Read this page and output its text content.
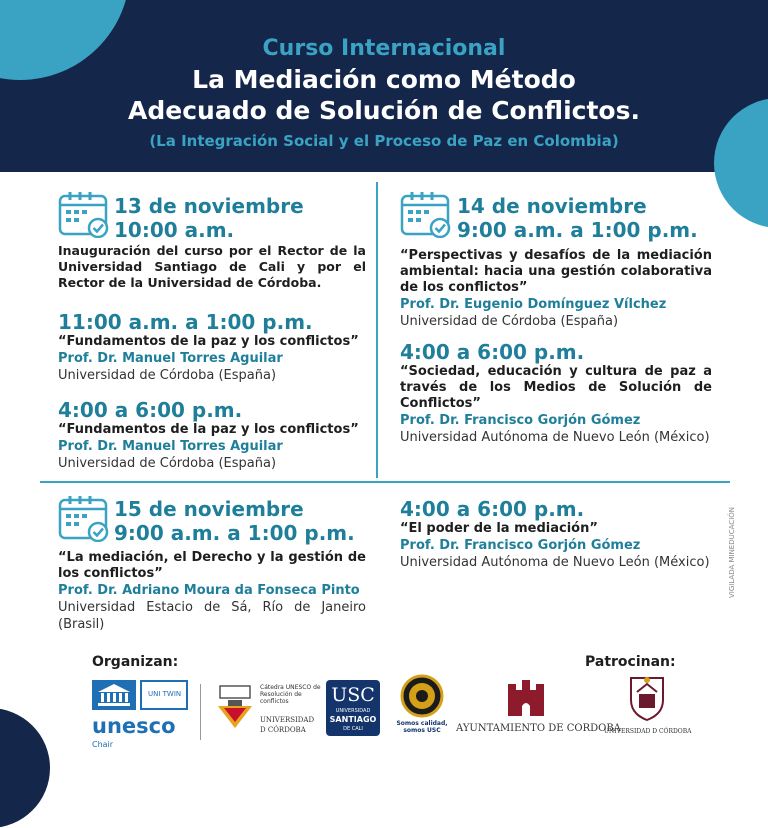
Curso Internacional
La Mediación como Método
Adecuado de Solución de Conflictos.
(La Integración Social y el Proceso de Paz en Colombia)
13 de noviembre
10:00 a.m.
Inauguración del curso por el Rector de la Universidad Santiago de Cali y por el Rector de la Universidad de Córdoba.
11:00 a.m. a 1:00 p.m.
“Fundamentos de la paz y los conflictos”
Prof. Dr. Manuel Torres Aguilar
Universidad de Córdoba (España)
4:00 a 6:00 p.m.
“Fundamentos de la paz y los conflictos”
Prof. Dr. Manuel Torres Aguilar
Universidad de Córdoba (España)
14 de noviembre
9:00 a.m. a 1:00 p.m.
“Perspectivas y desafíos de la mediación ambiental: hacia una gestión colaborativa de los conflictos”
Prof. Dr. Eugenio Domínguez Vílchez
Universidad de Córdoba (España)
4:00 a 6:00 p.m.
“Sociedad, educación y cultura de paz a través de los Medios de Solución de Conflictos”
Prof. Dr. Francisco Gorjón Gómez
Universidad Autónoma de Nuevo León (México)
15 de noviembre
9:00 a.m. a 1:00 p.m.
“La mediación, el Derecho y la gestión de los conflictos”
Prof. Dr. Adriano Moura da Fonseca Pinto
Universidad Estacio de Sá, Río de Janeiro (Brasil)
4:00 a 6:00 p.m.
“El poder de la mediación”
Prof. Dr. Francisco Gorjón Gómez
Universidad Autónoma de Nuevo León (México)	VIGILADA MINEDUCACIÓN
Organizan:	Patrocinan:
UNI TWIN
unesco
Chair
Cátedra UNESCO de Resolución de conflictos
UNIVERSIDAD
D CÓRDOBA
USC
UNIVERSIDAD
SANTIAGO
DE CALI
Somos calidad, somos USC	AYUNTAMIENTO DE CORDOBA
UNIVERSIDAD D CÓRDOBA
